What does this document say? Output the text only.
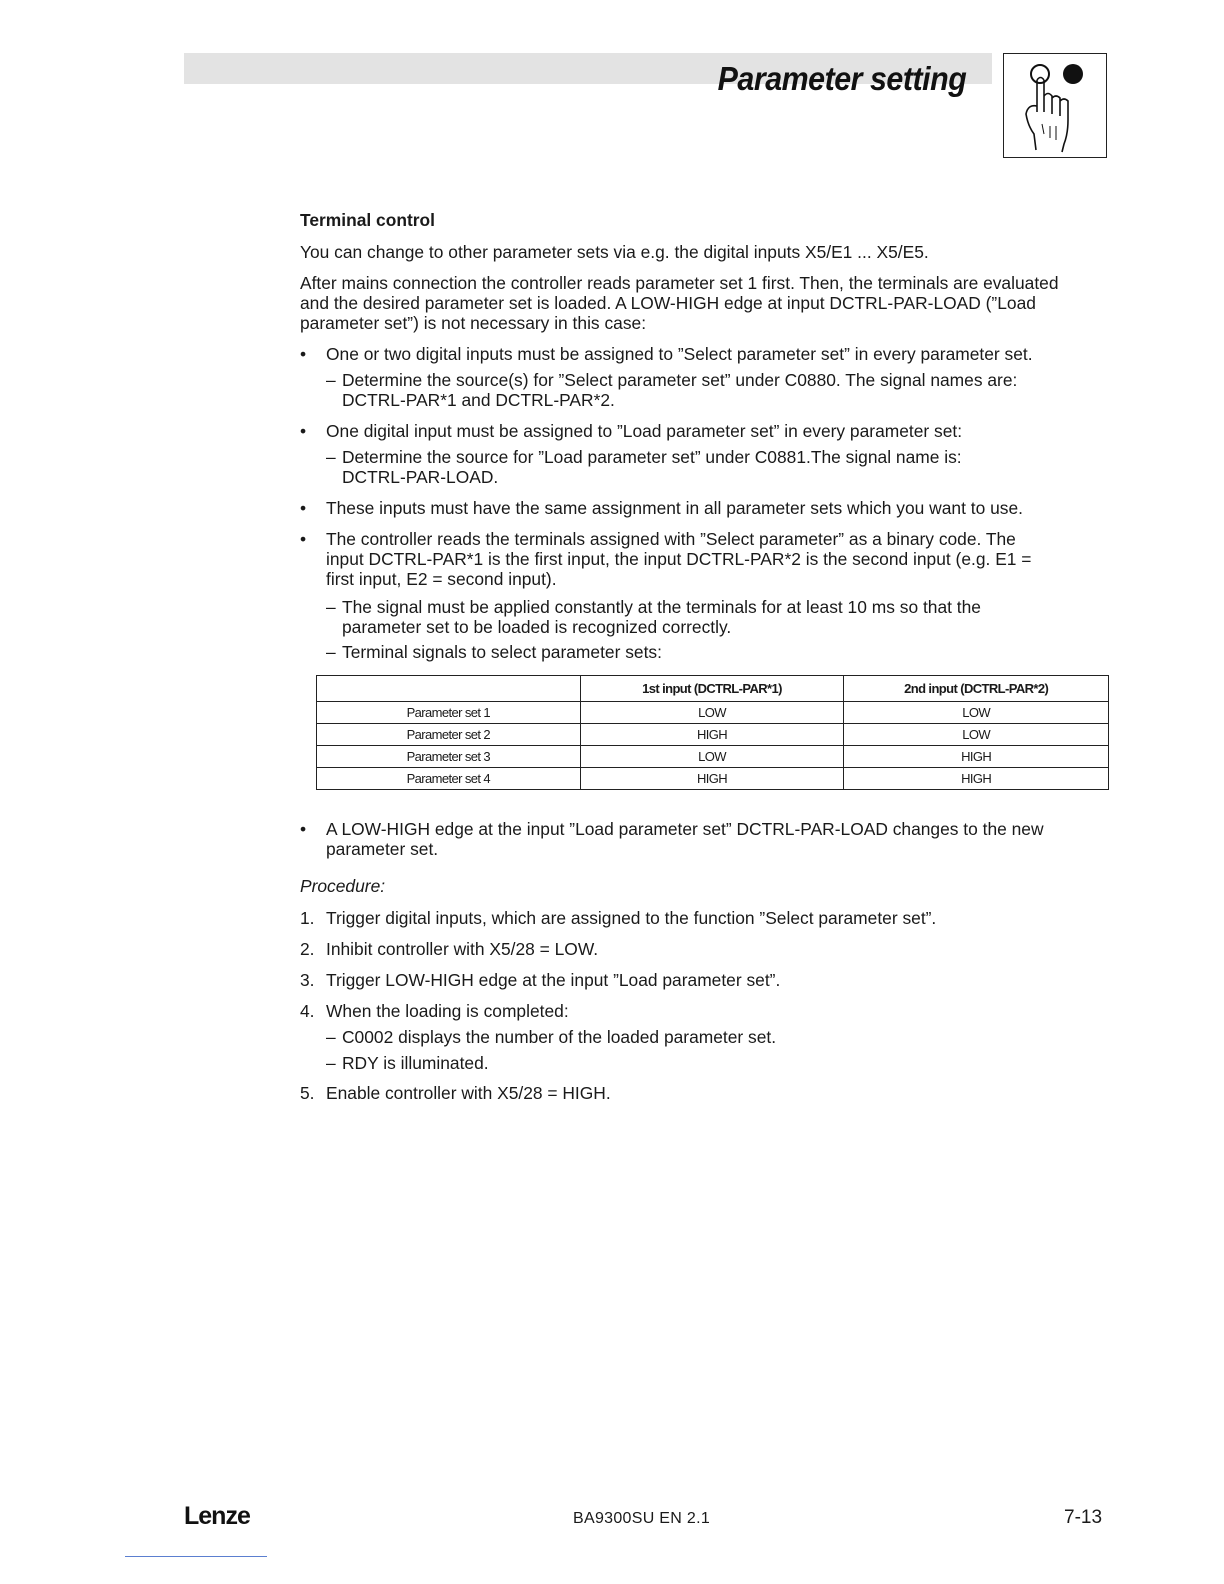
Parameter setting

Terminal control

You can change to other parameter sets via e.g. the digital inputs X5/E1 ... X5/E5.

After mains connection the controller reads parameter set 1 first. Then, the terminals are evaluated

and the desired parameter set is loaded. A LOW-HIGH edge at input DCTRL-PAR-LOAD (”Load

parameter set”) is not necessary in this case:

•	One or two digital inputs must be assigned to ”Select parameter set” in every parameter set.
– Determine the source(s) for ”Select parameter set” under C0880. The signal names are:
DCTRL-PAR*1 and DCTRL-PAR*2.
•	One digital input must be assigned to ”Load parameter set” in every parameter set:
– Determine the source for ”Load parameter set” under C0881.The signal name is:
DCTRL-PAR-LOAD.
•	These inputs must have the same assignment in all parameter sets which you want to use.
•	The controller reads the terminals assigned with ”Select parameter” as a binary code. The
input DCTRL-PAR*1 is the first input, the input DCTRL-PAR*2 is the second input (e.g. E1 =
first input, E2 = second input).
– The signal must be applied constantly at the terminals for at least 10 ms so that the
parameter set to be loaded is recognized correctly.
– Terminal signals to select parameter sets:
•	A LOW-HIGH edge at the input ”Load parameter set” DCTRL-PAR-LOAD changes to the new
parameter set.

Procedure:

1. Trigger digital inputs, which are assigned to the function ”Select parameter set”.
2. Inhibit controller with X5/28 = LOW.
3. Trigger LOW-HIGH edge at the input ”Load parameter set”.
4. When the loading is completed:
– C0002 displays the number of the loaded parameter set.
– RDY is illuminated.
5. Enable controller with X5/28 = HIGH.
	1st input (DCTRL-PAR*1)	2nd input (DCTRL-PAR*2)
Parameter set 1	LOW	LOW
Parameter set 2	HIGH	LOW
Parameter set 3	LOW	HIGH
Parameter set 4	HIGH	HIGH
Lenze	BA9300SU EN 2.1	7-13
